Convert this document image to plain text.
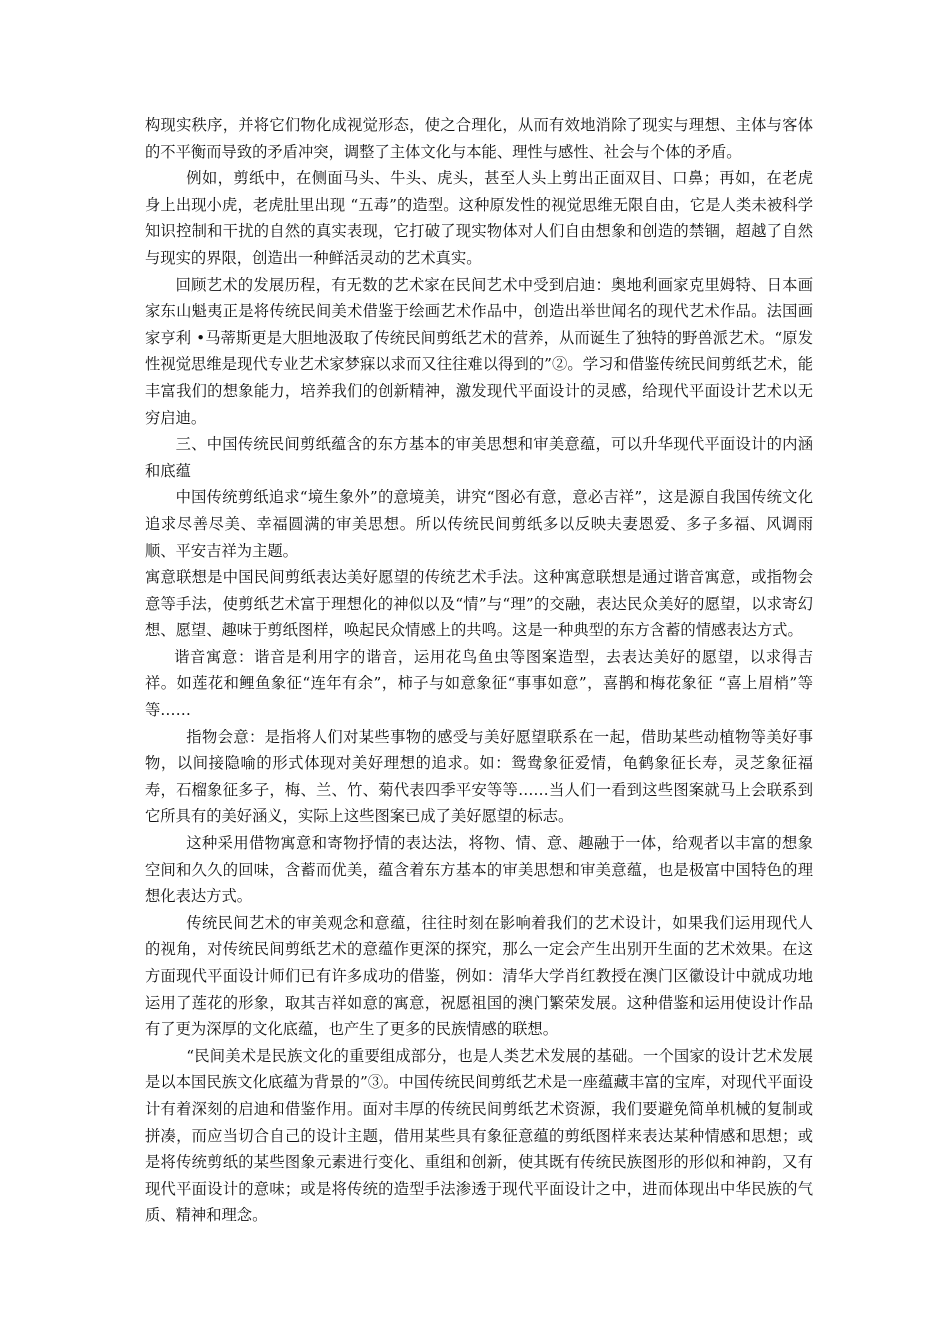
构现实秩序，并将它们物化成视觉形态，使之合理化，从而有效地消除了现实与理想、主体与客体的不平衡而导致的矛盾冲突，调整了主体文化与本能、理性与感性、社会与个体的矛盾。

例如，剪纸中，在侧面马头、牛头、虎头，甚至人头上剪出正面双目、口鼻；再如，在老虎身上出现小虎，老虎肚里出现 “五毒”的造型。这种原发性的视觉思维无限自由，它是人类未被科学知识控制和干扰的自然的真实表现，它打破了现实物体对人们自由想象和创造的禁锢，超越了自然与现实的界限，创造出一种鲜活灵动的艺术真实。

回顾艺术的发展历程，有无数的艺术家在民间艺术中受到启迪：奥地利画家克里姆特、日本画家东山魁夷正是将传统民间美术借鉴于绘画艺术作品中，创造出举世闻名的现代艺术作品。法国画家亨利 •马蒂斯更是大胆地汲取了传统民间剪纸艺术的营养，从而诞生了独特的野兽派艺术。“原发性视觉思维是现代专业艺术家梦寐以求而又往往难以得到的”②。学习和借鉴传统民间剪纸艺术，能丰富我们的想象能力，培养我们的创新精神，激发现代平面设计的灵感，给现代平面设计艺术以无穷启迪。

三、中国传统民间剪纸蕴含的东方基本的审美思想和审美意蕴，可以升华现代平面设计的内涵和底蕴

中国传统剪纸追求“境生象外”的意境美，讲究“图必有意，意必吉祥”，这是源自我国传统文化追求尽善尽美、幸福圆满的审美思想。所以传统民间剪纸多以反映夫妻恩爱、多子多福、风调雨顺、平安吉祥为主题。

寓意联想是中国民间剪纸表达美好愿望的传统艺术手法。这种寓意联想是通过谐音寓意，或指物会意等手法，使剪纸艺术富于理想化的神似以及“情”与“理”的交融，表达民众美好的愿望，以求寄幻想、愿望、趣味于剪纸图样，唤起民众情感上的共鸣。这是一种典型的东方含蓄的情感表达方式。

谐音寓意：谐音是利用字的谐音，运用花鸟鱼虫等图案造型，去表达美好的愿望，以求得吉祥。如莲花和鲤鱼象征“连年有余”，柿子与如意象征“事事如意”，喜鹊和梅花象征 “喜上眉梢”等等……

指物会意：是指将人们对某些事物的感受与美好愿望联系在一起，借助某些动植物等美好事物，以间接隐喻的形式体现对美好理想的追求。如：鸳鸯象征爱情，龟鹤象征长寿，灵芝象征福寿，石榴象征多子，梅、兰、竹、菊代表四季平安等等……当人们一看到这些图案就马上会联系到它所具有的美好涵义，实际上这些图案已成了美好愿望的标志。

这种采用借物寓意和寄物抒情的表达法，将物、情、意、趣融于一体，给观者以丰富的想象空间和久久的回味，含蓄而优美，蕴含着东方基本的审美思想和审美意蕴，也是极富中国特色的理想化表达方式。

传统民间艺术的审美观念和意蕴，往往时刻在影响着我们的艺术设计，如果我们运用现代人的视角，对传统民间剪纸艺术的意蕴作更深的探究，那么一定会产生出别开生面的艺术效果。在这方面现代平面设计师们已有许多成功的借鉴，例如：清华大学肖红教授在澳门区徽设计中就成功地运用了莲花的形象，取其吉祥如意的寓意，祝愿祖国的澳门繁荣发展。这种借鉴和运用使设计作品有了更为深厚的文化底蕴，也产生了更多的民族情感的联想。

“民间美术是民族文化的重要组成部分，也是人类艺术发展的基础。一个国家的设计艺术发展是以本国民族文化底蕴为背景的”③。中国传统民间剪纸艺术是一座蕴藏丰富的宝库，对现代平面设计有着深刻的启迪和借鉴作用。面对丰厚的传统民间剪纸艺术资源，我们要避免简单机械的复制或拼凑，而应当切合自己的设计主题，借用某些具有象征意蕴的剪纸图样来表达某种情感和思想；或是将传统剪纸的某些图象元素进行变化、重组和创新，使其既有传统民族图形的形似和神韵，又有现代平面设计的意味；或是将传统的造型手法渗透于现代平面设计之中，进而体现出中华民族的气质、精神和理念。
